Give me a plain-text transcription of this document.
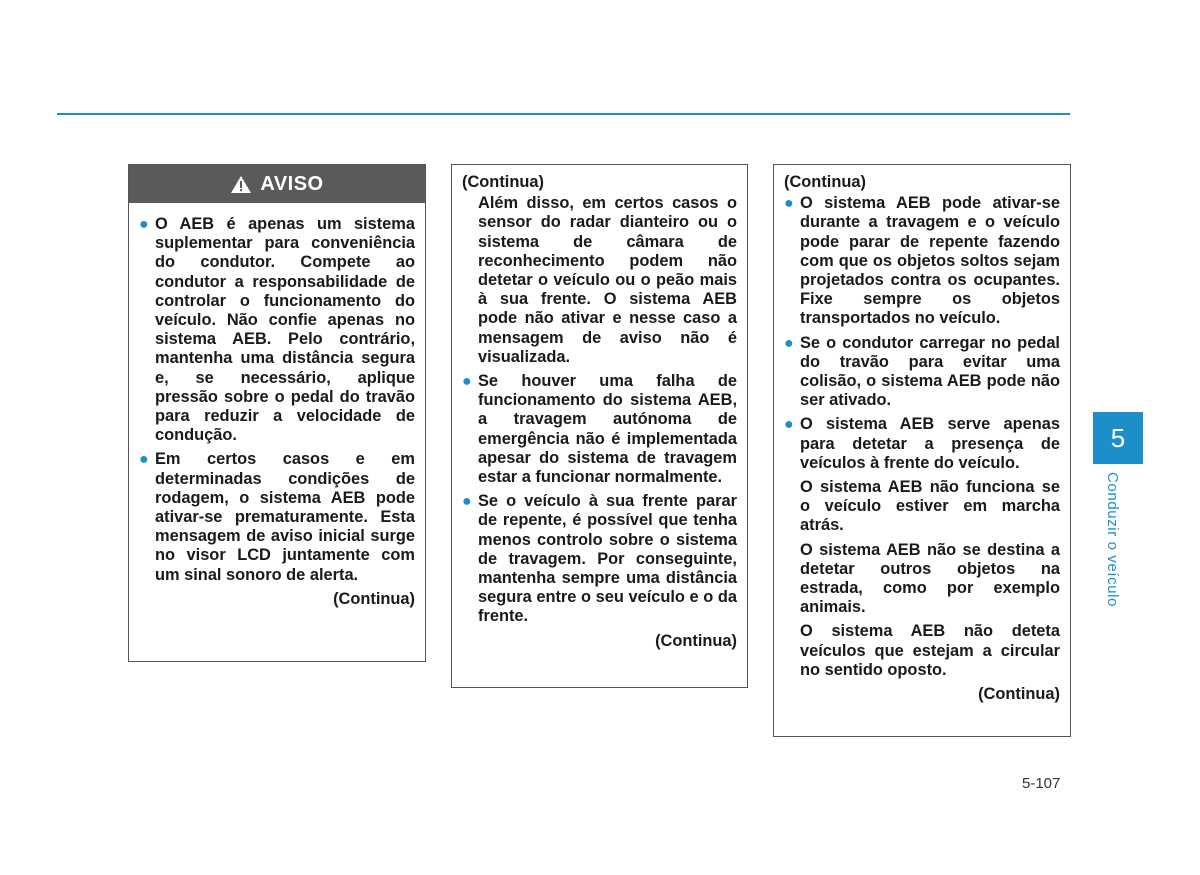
AVISO
● O AEB é apenas um sistema suplementar para conveniência do condutor. Compete ao condutor a responsabilidade de controlar o funcionamento do veículo. Não confie apenas no sistema AEB. Pelo contrário, mantenha uma distância segura e, se necessário, aplique pressão sobre o pedal do travão para reduzir a velocidade de condução.
● Em certos casos e em determinadas condições de rodagem, o sistema AEB pode ativar-se prematuramente. Esta mensagem de aviso inicial surge no visor LCD juntamente com um sinal sonoro de alerta.
(Continua)
(Continua)
Além disso, em certos casos o sensor do radar dianteiro ou o sistema de câmara de reconhecimento podem não detetar o veículo ou o peão mais à sua frente. O sistema AEB pode não ativar e nesse caso a mensagem de aviso não é visualizada.
● Se houver uma falha de funcionamento do sistema AEB, a travagem autónoma de emergência não é implementada apesar do sistema de travagem estar a funcionar normalmente.
● Se o veículo à sua frente parar de repente, é possível que tenha menos controlo sobre o sistema de travagem. Por conseguinte, mantenha sempre uma distância segura entre o seu veículo e o da frente.
(Continua)
(Continua)
● O sistema AEB pode ativar-se durante a travagem e o veículo pode parar de repente fazendo com que os objetos soltos sejam projetados contra os ocupantes. Fixe sempre os objetos transportados no veículo.
● Se o condutor carregar no pedal do travão para evitar uma colisão, o sistema AEB pode não ser ativado.
● O sistema AEB serve apenas para detetar a presença de veículos à frente do veículo.
O sistema AEB não funciona se o veículo estiver em marcha atrás.
O sistema AEB não se destina a detetar outros objetos na estrada, como por exemplo animais.
O sistema AEB não deteta veículos que estejam a circular no sentido oposto.
(Continua)
5
Conduzir o veículo
5-107
